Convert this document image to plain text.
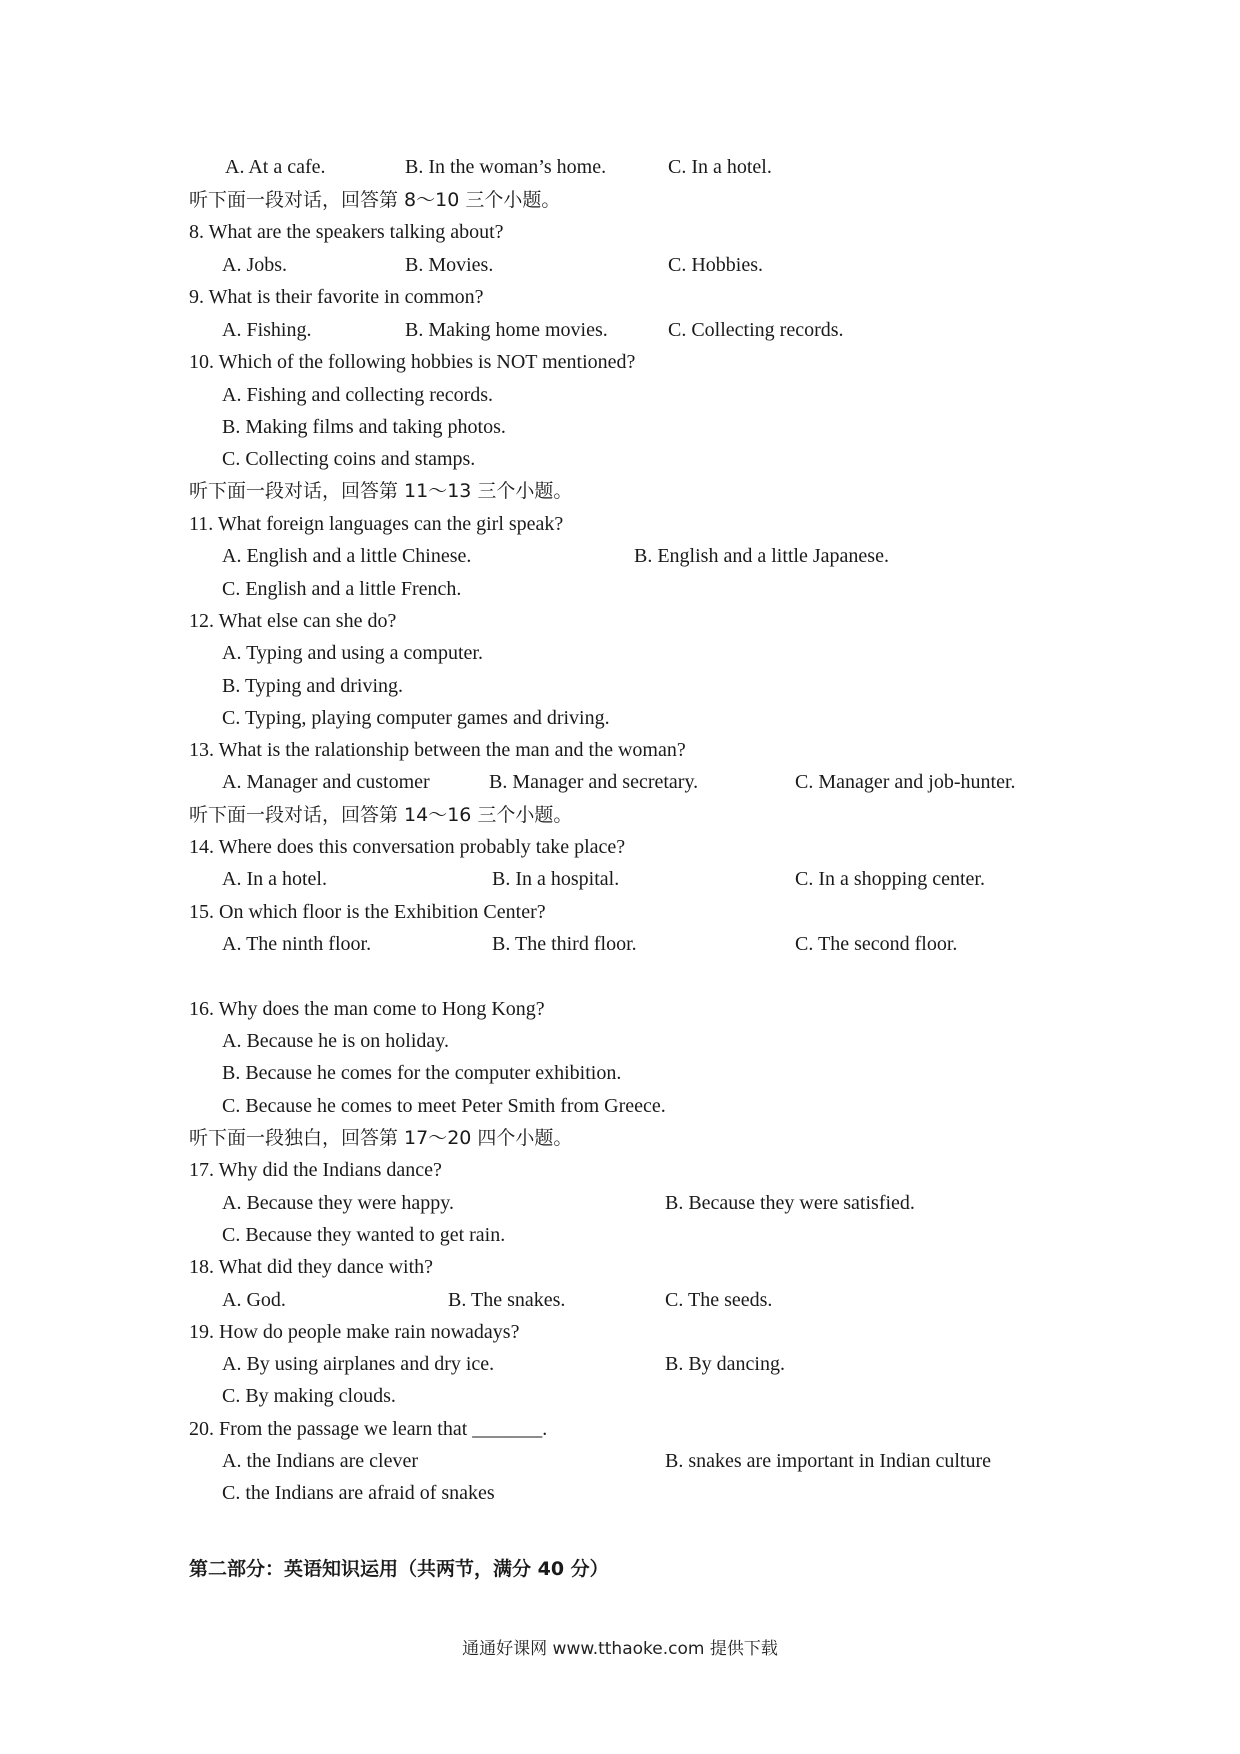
A. At a cafe.	B. In the woman’s home.	C. In a hotel.
听下面一段对话，回答第 8～10 三个小题。
8. What are the speakers talking about?
A. Jobs.	B. Movies.	C. Hobbies.
9. What is their favorite in common?
A. Fishing.	B. Making home movies.	C. Collecting records.
10. Which of the following hobbies is NOT mentioned?
A. Fishing and collecting records.
B. Making films and taking photos.
C. Collecting coins and stamps.
听下面一段对话，回答第 11～13 三个小题。
11. What foreign languages can the girl speak?
A. English and a little Chinese.	B. English and a little Japanese.
C. English and a little French.
12. What else can she do?
A. Typing and using a computer.
B. Typing and driving.
C. Typing, playing computer games and driving.
13. What is the ralationship between the man and the woman?
A. Manager and customer	B. Manager and secretary.	C. Manager and job-hunter.
听下面一段对话，回答第 14～16 三个小题。
14. Where does this conversation probably take place?
A. In a hotel.	B. In a hospital.	C. In a shopping center.
15. On which floor is the Exhibition Center?
A. The ninth floor.	B. The third floor.	C. The second floor.
16. Why does the man come to Hong Kong?
A. Because he is on holiday.
B. Because he comes for the computer exhibition.
C. Because he comes to meet Peter Smith from Greece.
听下面一段独白，回答第 17～20 四个小题。
17. Why did the Indians dance?
A. Because they were happy.	B. Because they were satisfied.
C. Because they wanted to get rain.
18. What did they dance with?
A. God.	B. The snakes.	C. The seeds.
19. How do people make rain nowadays?
A. By using airplanes and dry ice.	B. By dancing.
C. By making clouds.
20. From the passage we learn that _______.
A. the Indians are clever	B. snakes are important in Indian culture
C. the Indians are afraid of snakes
第二部分：英语知识运用（共两节，满分 40 分）
通通好课网 www.tthaoke.com 提供下载
